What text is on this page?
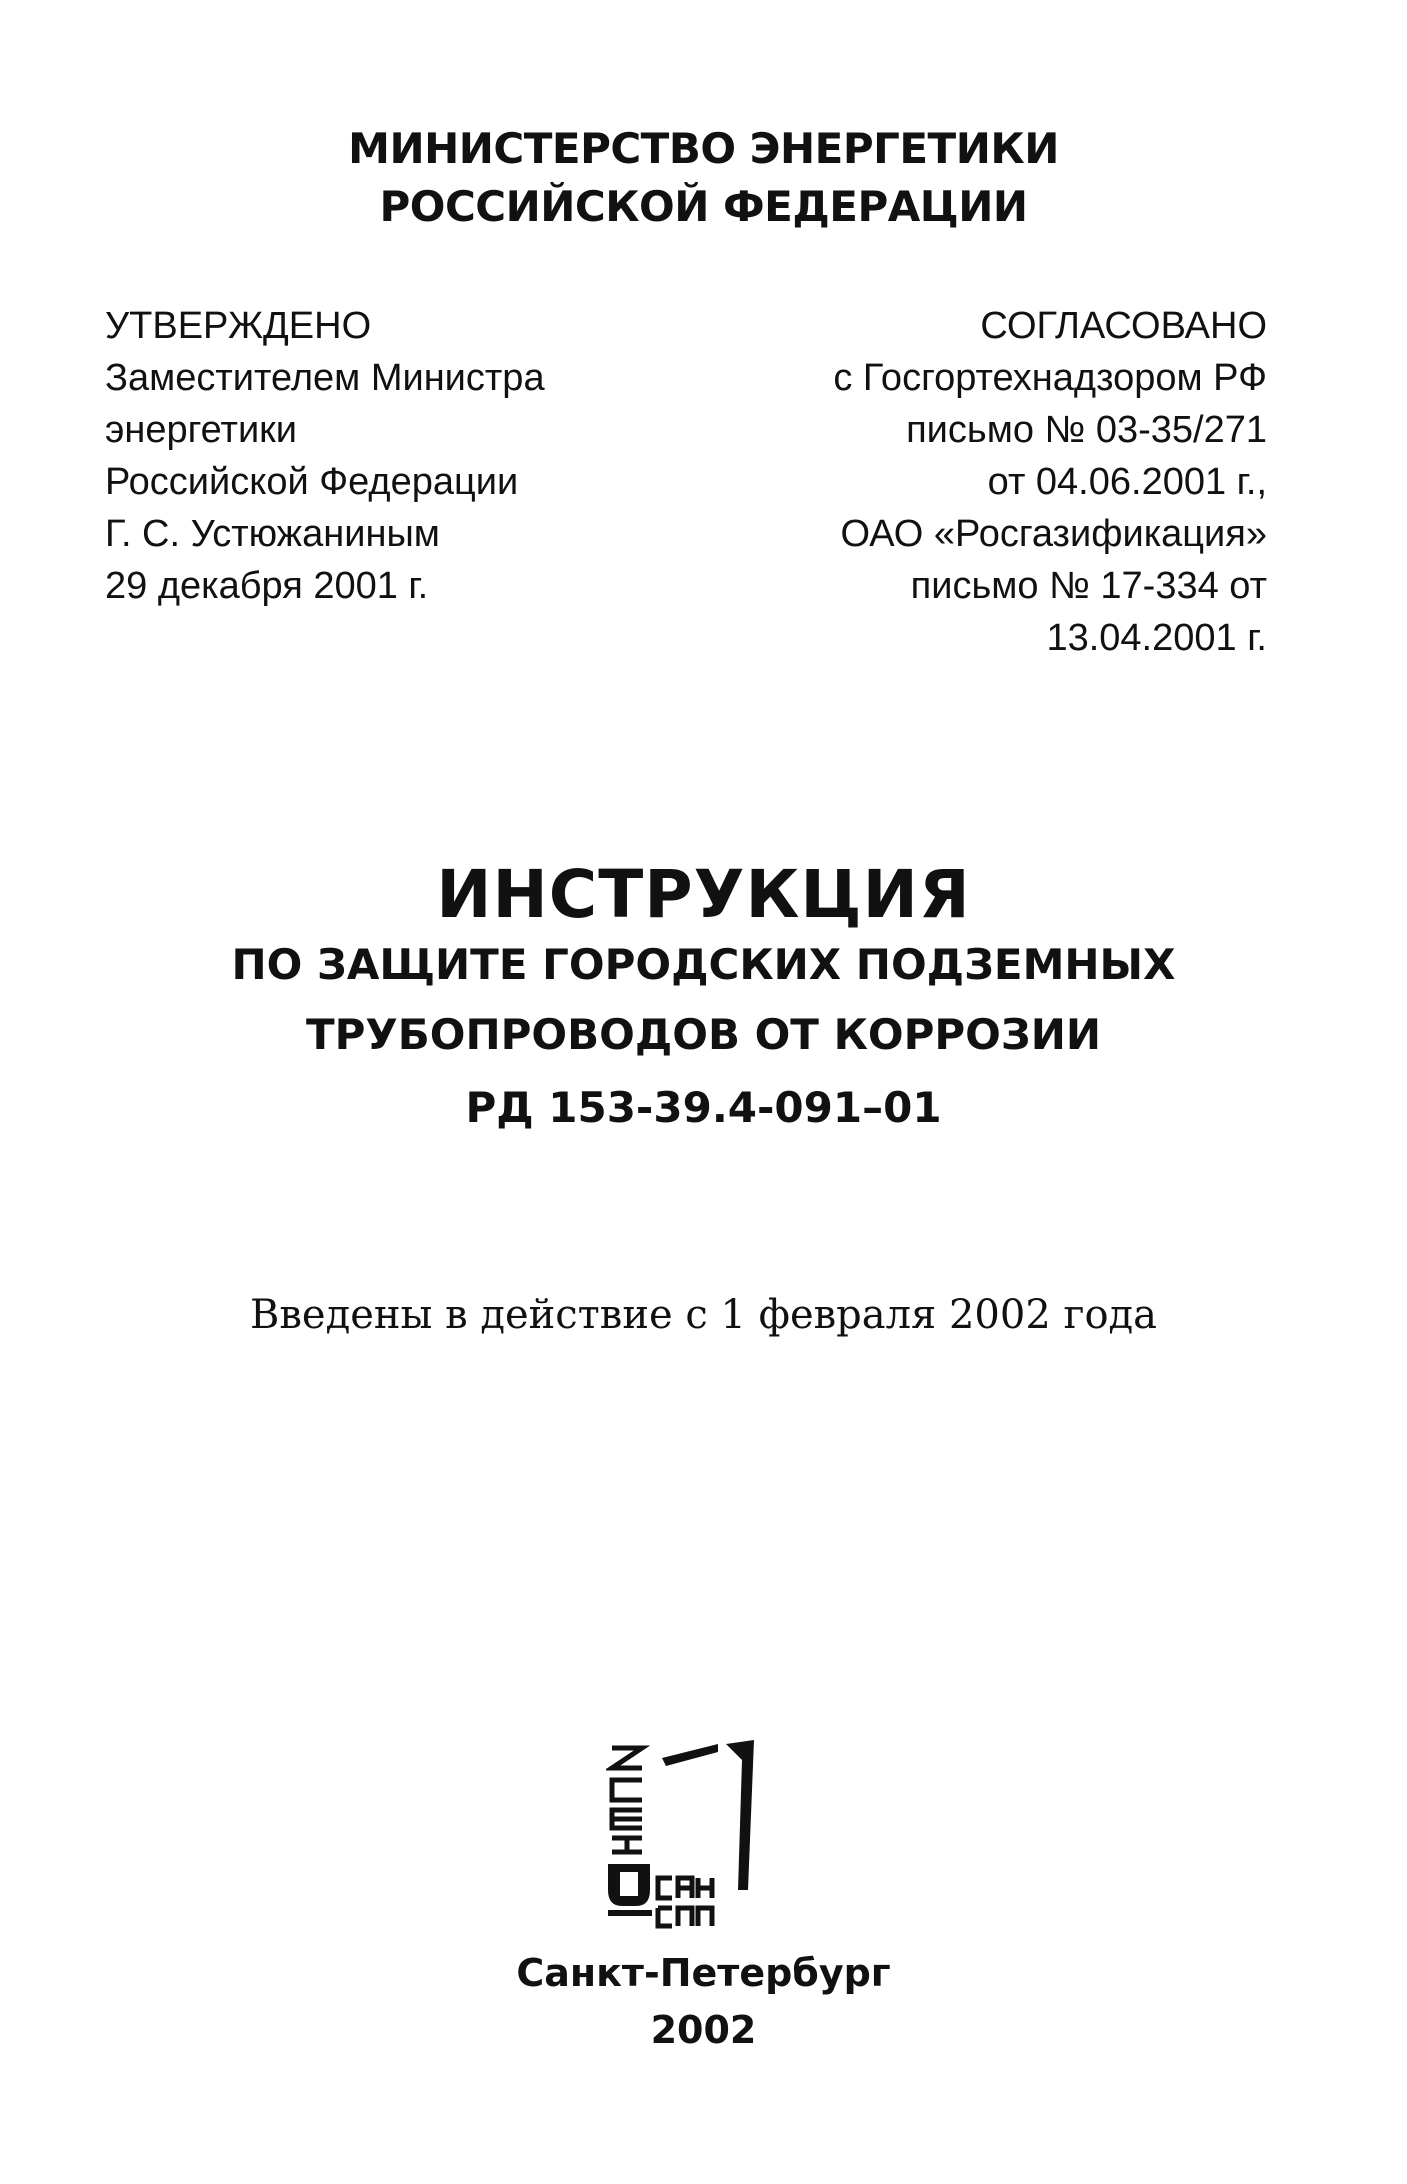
МИНИСТЕРСТВО ЭНЕРГЕТИКИ
РОССИЙСКОЙ ФЕДЕРАЦИИ
УТВЕРЖДЕНО
Заместителем Министра
энергетики
Российской Федерации
Г. С. Устюжаниным
29 декабря 2001 г.
СОГЛАСОВАНО
с Госгортехнадзором РФ
письмо № 03-35/271
от 04.06.2001 г.,
ОАО «Росгазификация»
письмо № 17-334 от
13.04.2001 г.
ИНСТРУКЦИЯ
ПО ЗАЩИТЕ ГОРОДСКИХ ПОДЗЕМНЫХ
ТРУБОПРОВОДОВ ОТ КОРРОЗИИ
РД 153-39.4-091–01
Введены в действие с 1 февраля 2002 года
Санкт-Петербург
2002
